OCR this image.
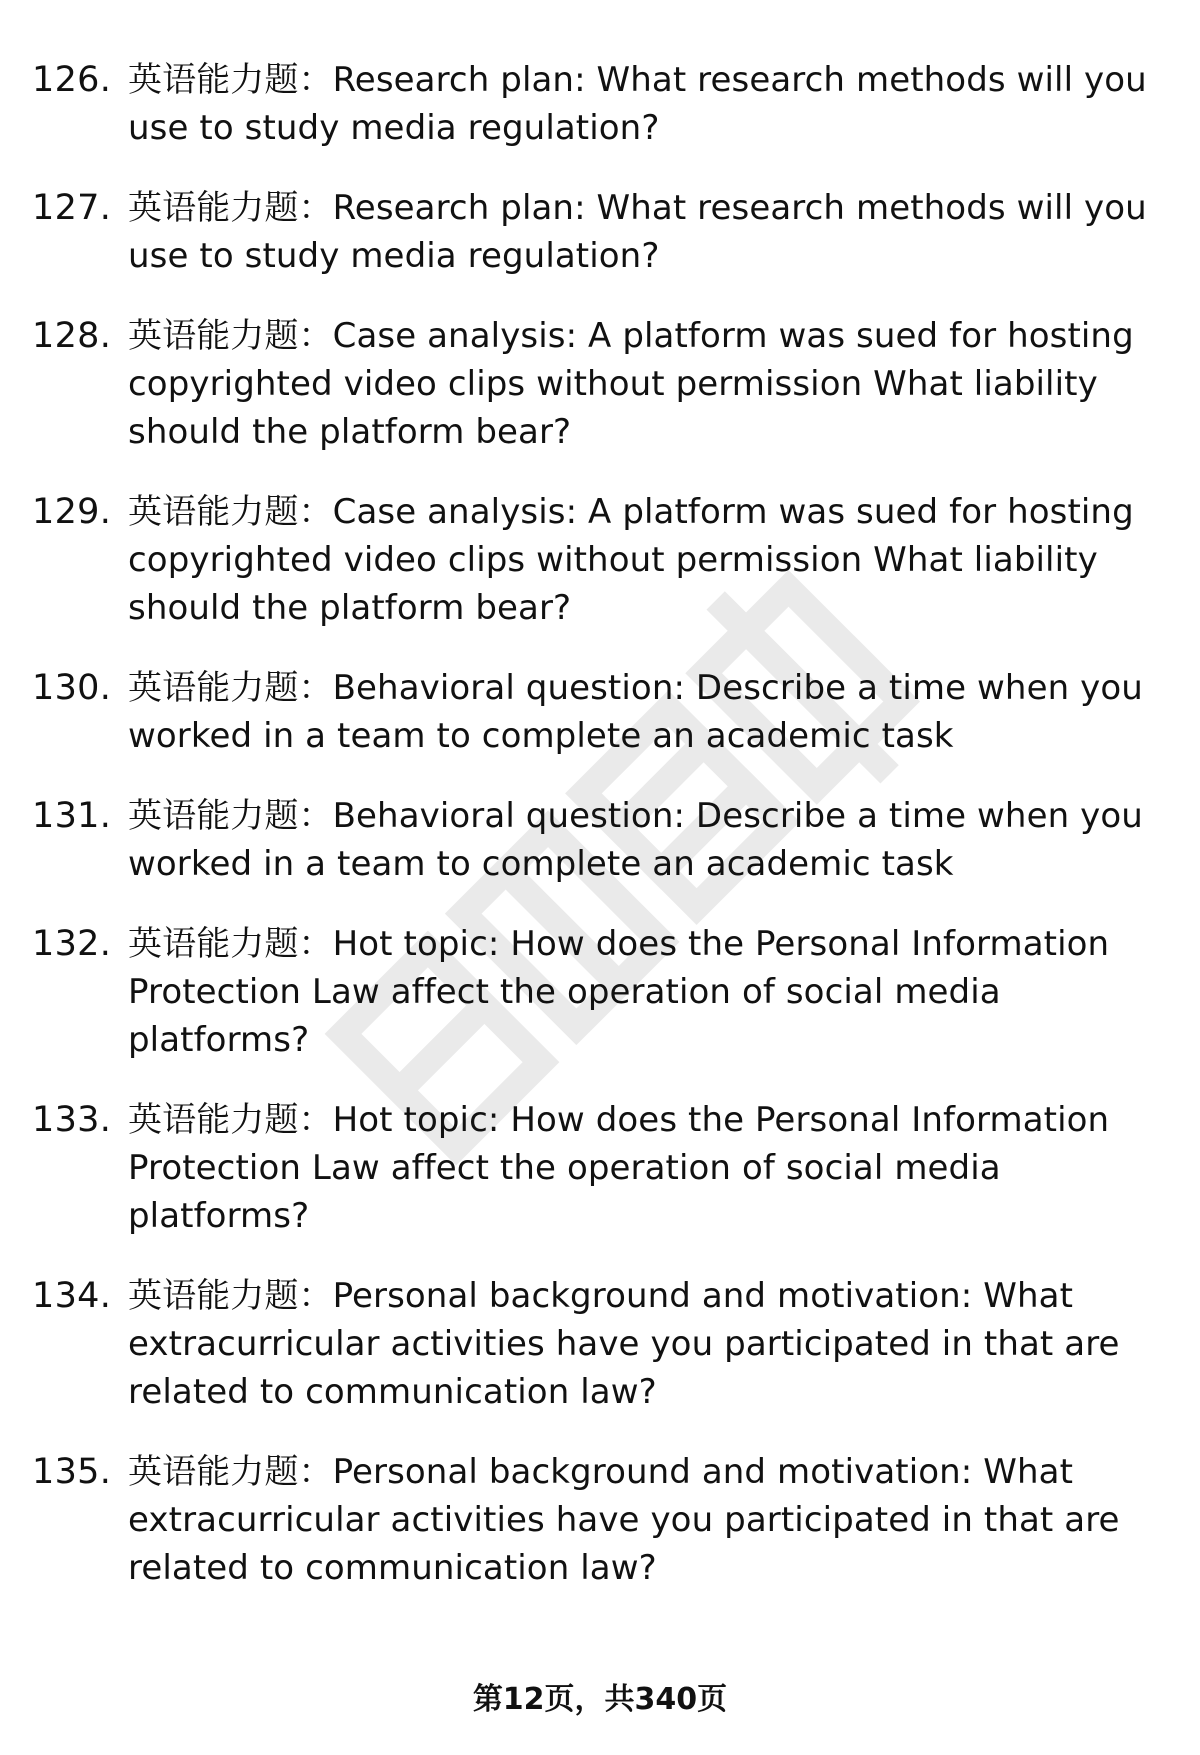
126. 英语能力题：Research plan: What research methods will you use to study media regulation?
127. 英语能力题：Research plan: What research methods will you use to study media regulation?
128. 英语能力题：Case analysis: A platform was sued for hosting copyrighted video clips without permission What liability should the platform bear?
129. 英语能力题：Case analysis: A platform was sued for hosting copyrighted video clips without permission What liability should the platform bear?
130. 英语能力题：Behavioral question: Describe a time when you worked in a team to complete an academic task
131. 英语能力题：Behavioral question: Describe a time when you worked in a team to complete an academic task
132. 英语能力题：Hot topic: How does the Personal Information Protection Law affect the operation of social media platforms?
133. 英语能力题：Hot topic: How does the Personal Information Protection Law affect the operation of social media platforms?
134. 英语能力题：Personal background and motivation: What extracurricular activities have you participated in that are related to communication law?
135. 英语能力题：Personal background and motivation: What extracurricular activities have you participated in that are related to communication law?
第12页，共340页
